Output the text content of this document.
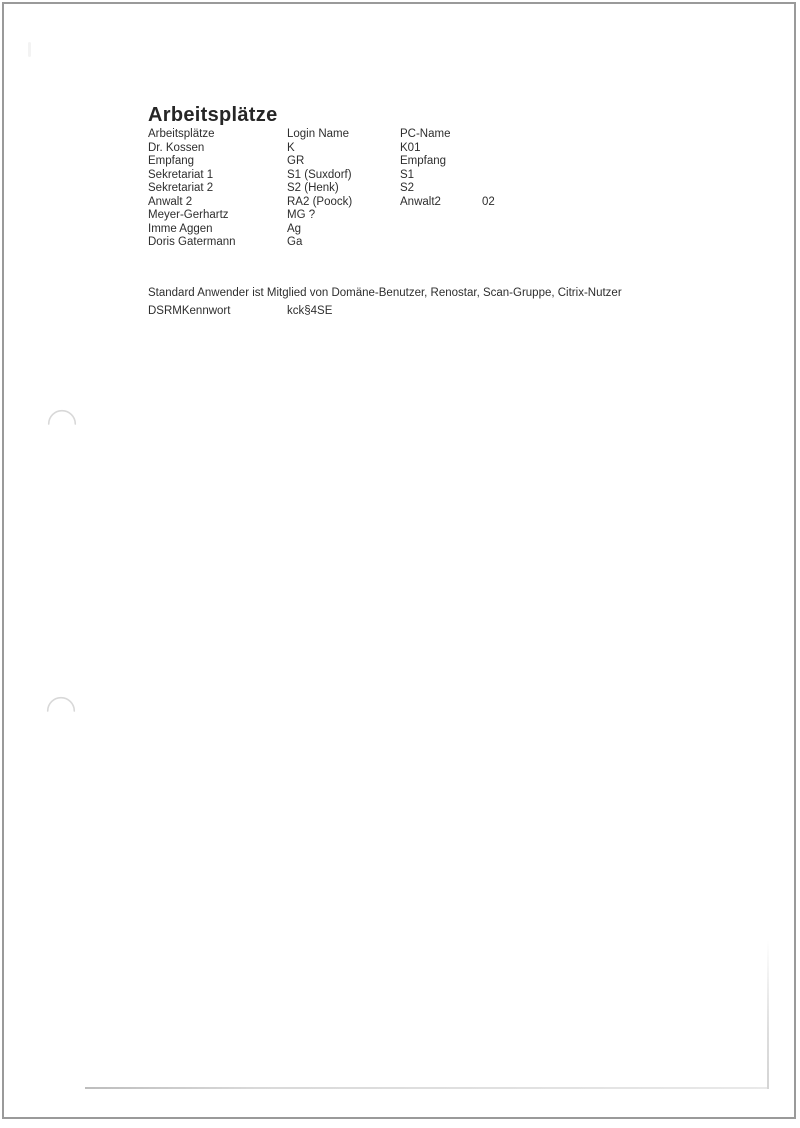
Arbeitsplätze
Arbeitsplätze	Login Name	PC-Name
Dr. Kossen	K	K01
Empfang	GR	Empfang
Sekretariat 1	S1 (Suxdorf)	S1
Sekretariat 2	S2 (Henk)	S2
Anwalt 2	RA2 (Poock)	Anwalt2	02
Meyer-Gerhartz	MG ?
Imme Aggen	Ag
Doris Gatermann	Ga

Standard Anwender ist Mitglied von Domäne-Benutzer, Renostar, Scan-Gruppe, Citrix-Nutzer

DSRMKennwort	kck§4SE
